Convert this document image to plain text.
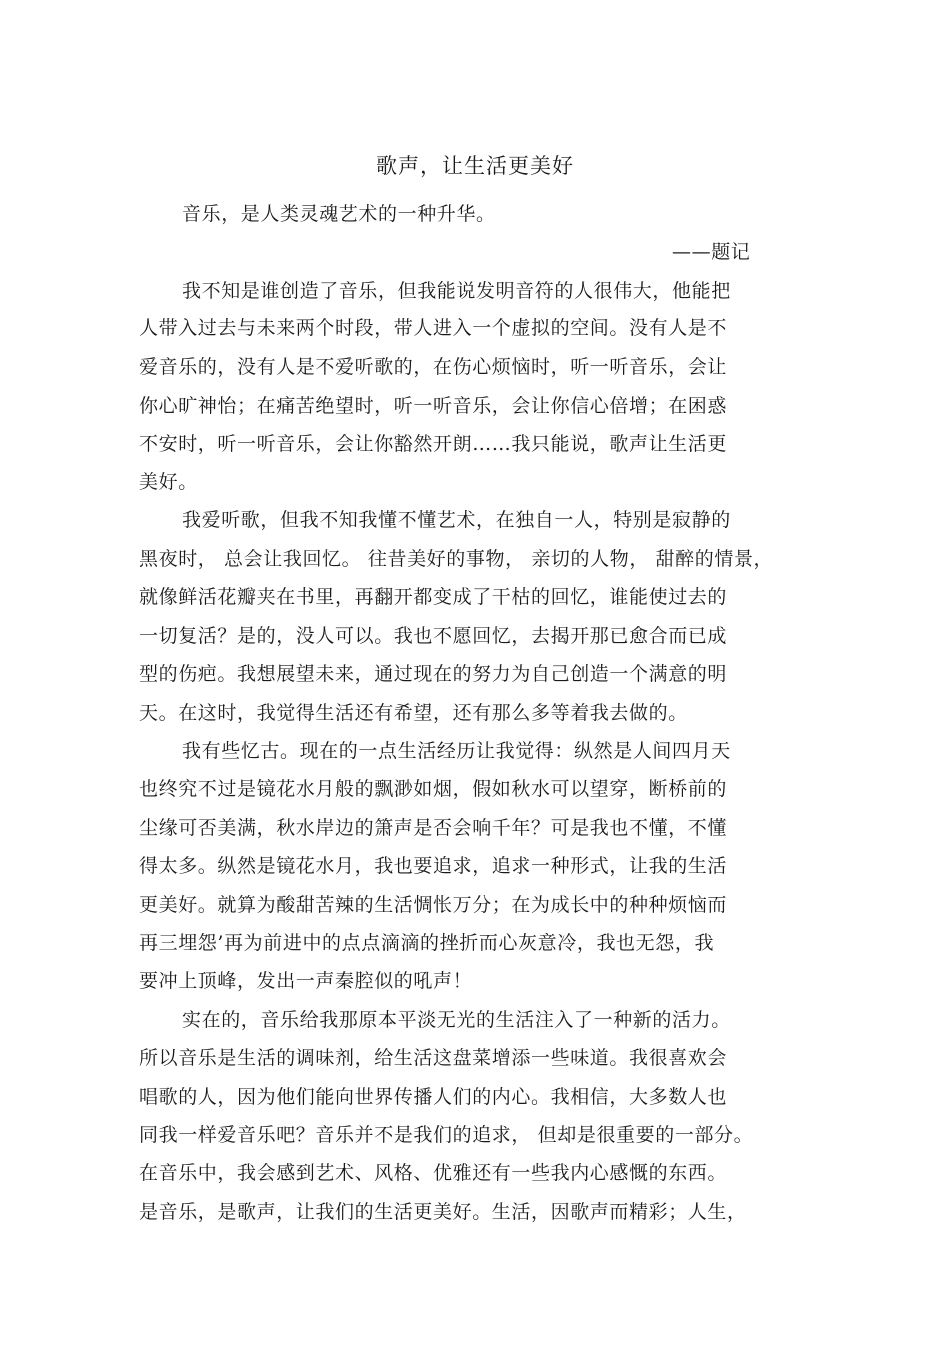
歌声，让生活更美好
音乐，是人类灵魂艺术的一种升华。
——题记
我不知是谁创造了音乐，但我能说发明音符的人很伟大，他能把
人带入过去与未来两个时段，带人进入一个虚拟的空间。没有人是不
爱音乐的，没有人是不爱听歌的，在伤心烦恼时，听一听音乐，会让
你心旷神怡；在痛苦绝望时，听一听音乐，会让你信心倍增；在困惑
不安时，听一听音乐，会让你豁然开朗……我只能说，歌声让生活更
美好。
我爱听歌，但我不知我懂不懂艺术，在独自一人，特别是寂静的
黑夜时， 总会让我回忆。 往昔美好的事物， 亲切的人物， 甜醉的情景，
就像鲜活花瓣夹在书里，再翻开都变成了干枯的回忆，谁能使过去的
一切复活？是的，没人可以。我也不愿回忆，去揭开那已愈合而已成
型的伤疤。我想展望未来，通过现在的努力为自己创造一个满意的明
天。在这时，我觉得生活还有希望，还有那么多等着我去做的。
我有些忆古。现在的一点生活经历让我觉得：纵然是人间四月天
也终究不过是镜花水月般的飘渺如烟，假如秋水可以望穿，断桥前的
尘缘可否美满，秋水岸边的箫声是否会响千年？可是我也不懂，不懂
得太多。纵然是镜花水月，我也要追求，追求一种形式，让我的生活
更美好。就算为酸甜苦辣的生活惆怅万分；在为成长中的种种烦恼而
再三埋怨’再为前进中的点点滴滴的挫折而心灰意冷，我也无怨，我
要冲上顶峰，发出一声秦腔似的吼声！
实在的，音乐给我那原本平淡无光的生活注入了一种新的活力。
所以音乐是生活的调味剂，给生活这盘菜增添一些味道。我很喜欢会
唱歌的人，因为他们能向世界传播人们的内心。我相信，大多数人也
同我一样爱音乐吧？音乐并不是我们的追求， 但却是很重要的一部分。
在音乐中，我会感到艺术、风格、优雅还有一些我内心感慨的东西。
是音乐，是歌声，让我们的生活更美好。生活，因歌声而精彩；人生，
